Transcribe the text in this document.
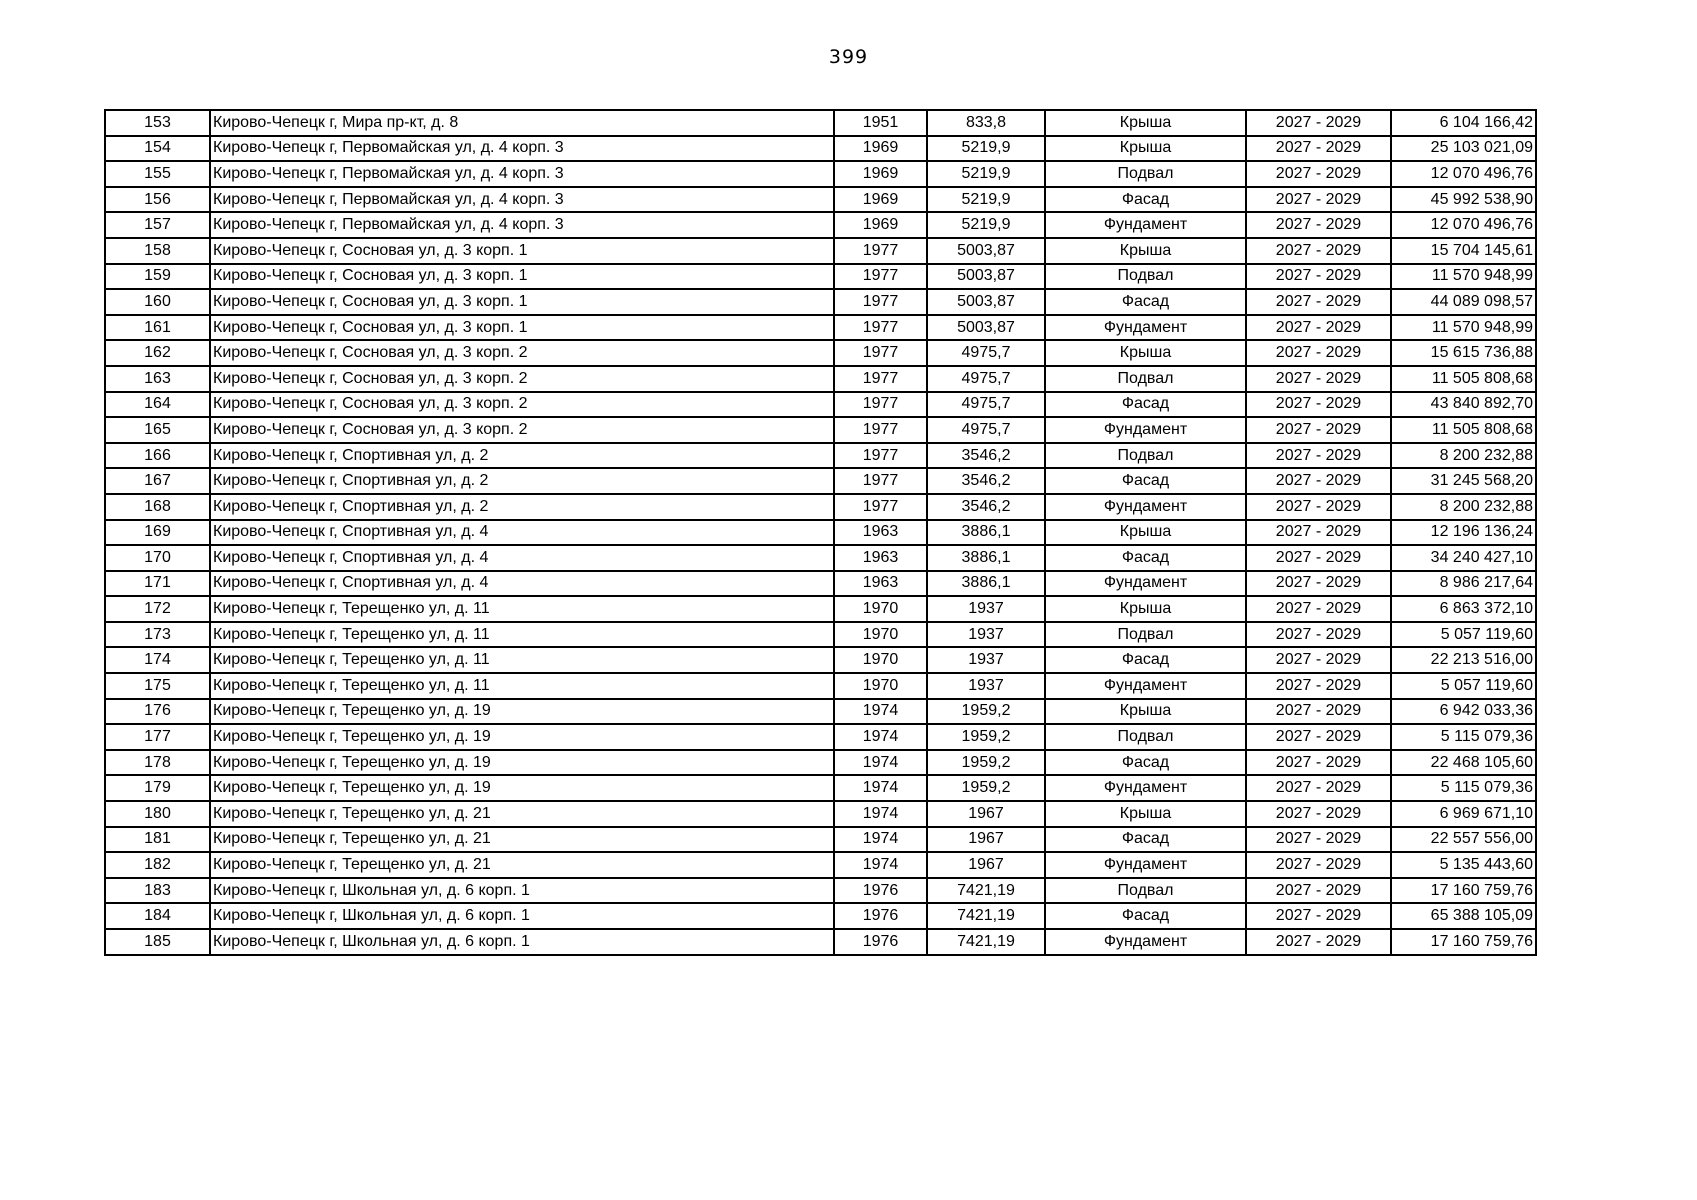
399
153	Кирово-Чепецк г, Мира пр-кт, д. 8	1951	833,8	Крыша	2027 - 2029	6 104 166,42
154	Кирово-Чепецк г, Первомайская ул, д. 4 корп. 3	1969	5219,9	Крыша	2027 - 2029	25 103 021,09
155	Кирово-Чепецк г, Первомайская ул, д. 4 корп. 3	1969	5219,9	Подвал	2027 - 2029	12 070 496,76
156	Кирово-Чепецк г, Первомайская ул, д. 4 корп. 3	1969	5219,9	Фасад	2027 - 2029	45 992 538,90
157	Кирово-Чепецк г, Первомайская ул, д. 4 корп. 3	1969	5219,9	Фундамент	2027 - 2029	12 070 496,76
158	Кирово-Чепецк г, Сосновая ул, д. 3 корп. 1	1977	5003,87	Крыша	2027 - 2029	15 704 145,61
159	Кирово-Чепецк г, Сосновая ул, д. 3 корп. 1	1977	5003,87	Подвал	2027 - 2029	11 570 948,99
160	Кирово-Чепецк г, Сосновая ул, д. 3 корп. 1	1977	5003,87	Фасад	2027 - 2029	44 089 098,57
161	Кирово-Чепецк г, Сосновая ул, д. 3 корп. 1	1977	5003,87	Фундамент	2027 - 2029	11 570 948,99
162	Кирово-Чепецк г, Сосновая ул, д. 3 корп. 2	1977	4975,7	Крыша	2027 - 2029	15 615 736,88
163	Кирово-Чепецк г, Сосновая ул, д. 3 корп. 2	1977	4975,7	Подвал	2027 - 2029	11 505 808,68
164	Кирово-Чепецк г, Сосновая ул, д. 3 корп. 2	1977	4975,7	Фасад	2027 - 2029	43 840 892,70
165	Кирово-Чепецк г, Сосновая ул, д. 3 корп. 2	1977	4975,7	Фундамент	2027 - 2029	11 505 808,68
166	Кирово-Чепецк г, Спортивная ул, д. 2	1977	3546,2	Подвал	2027 - 2029	8 200 232,88
167	Кирово-Чепецк г, Спортивная ул, д. 2	1977	3546,2	Фасад	2027 - 2029	31 245 568,20
168	Кирово-Чепецк г, Спортивная ул, д. 2	1977	3546,2	Фундамент	2027 - 2029	8 200 232,88
169	Кирово-Чепецк г, Спортивная ул, д. 4	1963	3886,1	Крыша	2027 - 2029	12 196 136,24
170	Кирово-Чепецк г, Спортивная ул, д. 4	1963	3886,1	Фасад	2027 - 2029	34 240 427,10
171	Кирово-Чепецк г, Спортивная ул, д. 4	1963	3886,1	Фундамент	2027 - 2029	8 986 217,64
172	Кирово-Чепецк г, Терещенко ул, д. 11	1970	1937	Крыша	2027 - 2029	6 863 372,10
173	Кирово-Чепецк г, Терещенко ул, д. 11	1970	1937	Подвал	2027 - 2029	5 057 119,60
174	Кирово-Чепецк г, Терещенко ул, д. 11	1970	1937	Фасад	2027 - 2029	22 213 516,00
175	Кирово-Чепецк г, Терещенко ул, д. 11	1970	1937	Фундамент	2027 - 2029	5 057 119,60
176	Кирово-Чепецк г, Терещенко ул, д. 19	1974	1959,2	Крыша	2027 - 2029	6 942 033,36
177	Кирово-Чепецк г, Терещенко ул, д. 19	1974	1959,2	Подвал	2027 - 2029	5 115 079,36
178	Кирово-Чепецк г, Терещенко ул, д. 19	1974	1959,2	Фасад	2027 - 2029	22 468 105,60
179	Кирово-Чепецк г, Терещенко ул, д. 19	1974	1959,2	Фундамент	2027 - 2029	5 115 079,36
180	Кирово-Чепецк г, Терещенко ул, д. 21	1974	1967	Крыша	2027 - 2029	6 969 671,10
181	Кирово-Чепецк г, Терещенко ул, д. 21	1974	1967	Фасад	2027 - 2029	22 557 556,00
182	Кирово-Чепецк г, Терещенко ул, д. 21	1974	1967	Фундамент	2027 - 2029	5 135 443,60
183	Кирово-Чепецк г, Школьная ул, д. 6 корп. 1	1976	7421,19	Подвал	2027 - 2029	17 160 759,76
184	Кирово-Чепецк г, Школьная ул, д. 6 корп. 1	1976	7421,19	Фасад	2027 - 2029	65 388 105,09
185	Кирово-Чепецк г, Школьная ул, д. 6 корп. 1	1976	7421,19	Фундамент	2027 - 2029	17 160 759,76
